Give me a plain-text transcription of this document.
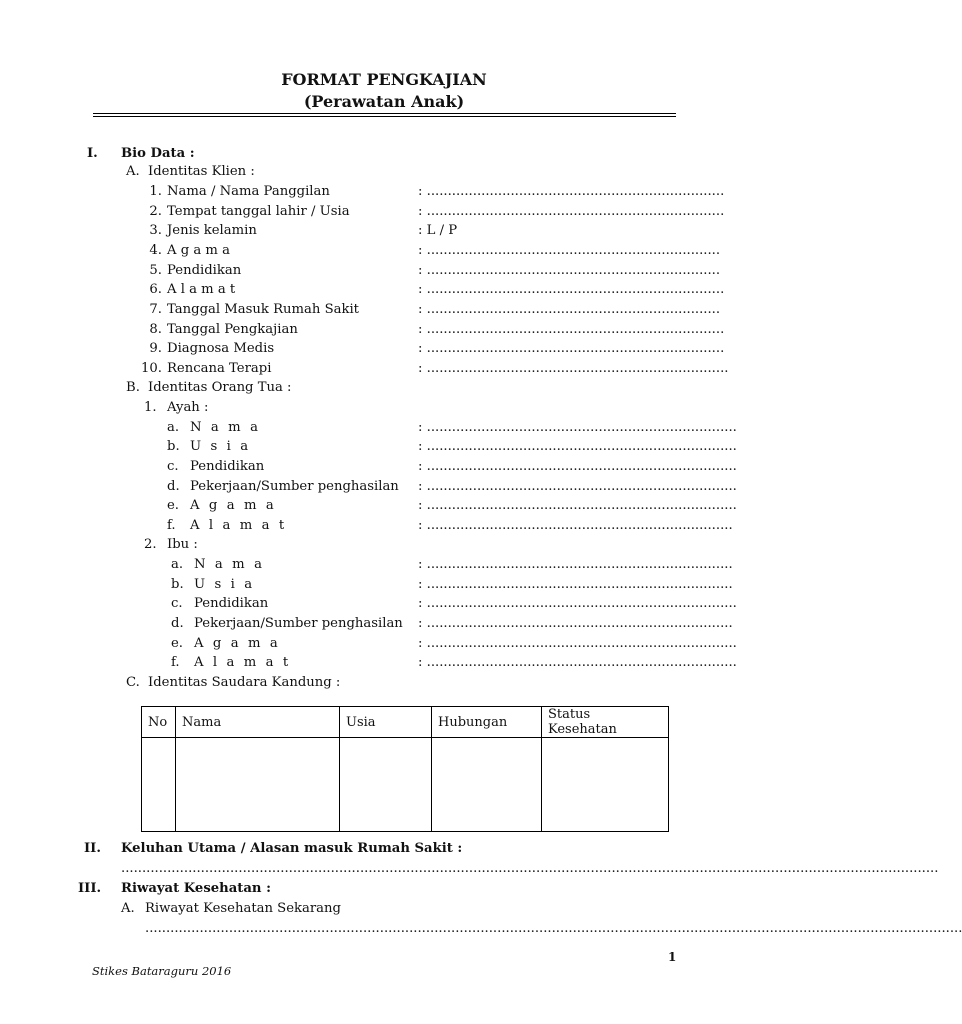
FORMAT PENGKAJIAN
(Perawatan Anak)
I. Bio Data :
A. Identitas Klien :
1. Nama / Nama Panggilan	: .......................................................................
2. Tempat tanggal lahir / Usia	: .......................................................................
3. Jenis kelamin	: L / P
4. A g a m a	: ......................................................................
5. Pendidikan	: ......................................................................
6. A l a m a t	: .......................................................................
7. Tanggal Masuk Rumah Sakit	: ......................................................................
8. Tanggal Pengkajian	: .......................................................................
9. Diagnosa Medis	: .......................................................................
10. Rencana Terapi	: ........................................................................
B. Identitas Orang Tua :
1. Ayah :
a. N a m a	: ..........................................................................
b. U s i a	: ..........................................................................
c. Pendidikan	: ..........................................................................
d. Pekerjaan/Sumber penghasilan : ..........................................................................
e. A g a m a	: ..........................................................................
f. A l a m a t	: .........................................................................
2. Ibu :
a. N a m a	: .........................................................................
b. U s i a	: .........................................................................
c. Pendidikan	: ..........................................................................
d. Pekerjaan/Sumber penghasilan : .........................................................................
e. A g a m a	: ..........................................................................
f. A l a m a t	: ..........................................................................
C. Identitas Saudara Kandung :
No	Nama	Usia	Hubungan	Status Kesehatan

II. Keluhan Utama / Alasan masuk Rumah Sakit :
...................................................................................................................................................................................................
III. Riwayat Kesehatan :
A. Riwayat Kesehatan Sekarang
...................................................................................................................................................................................................
1
Stikes Bataraguru 2016
